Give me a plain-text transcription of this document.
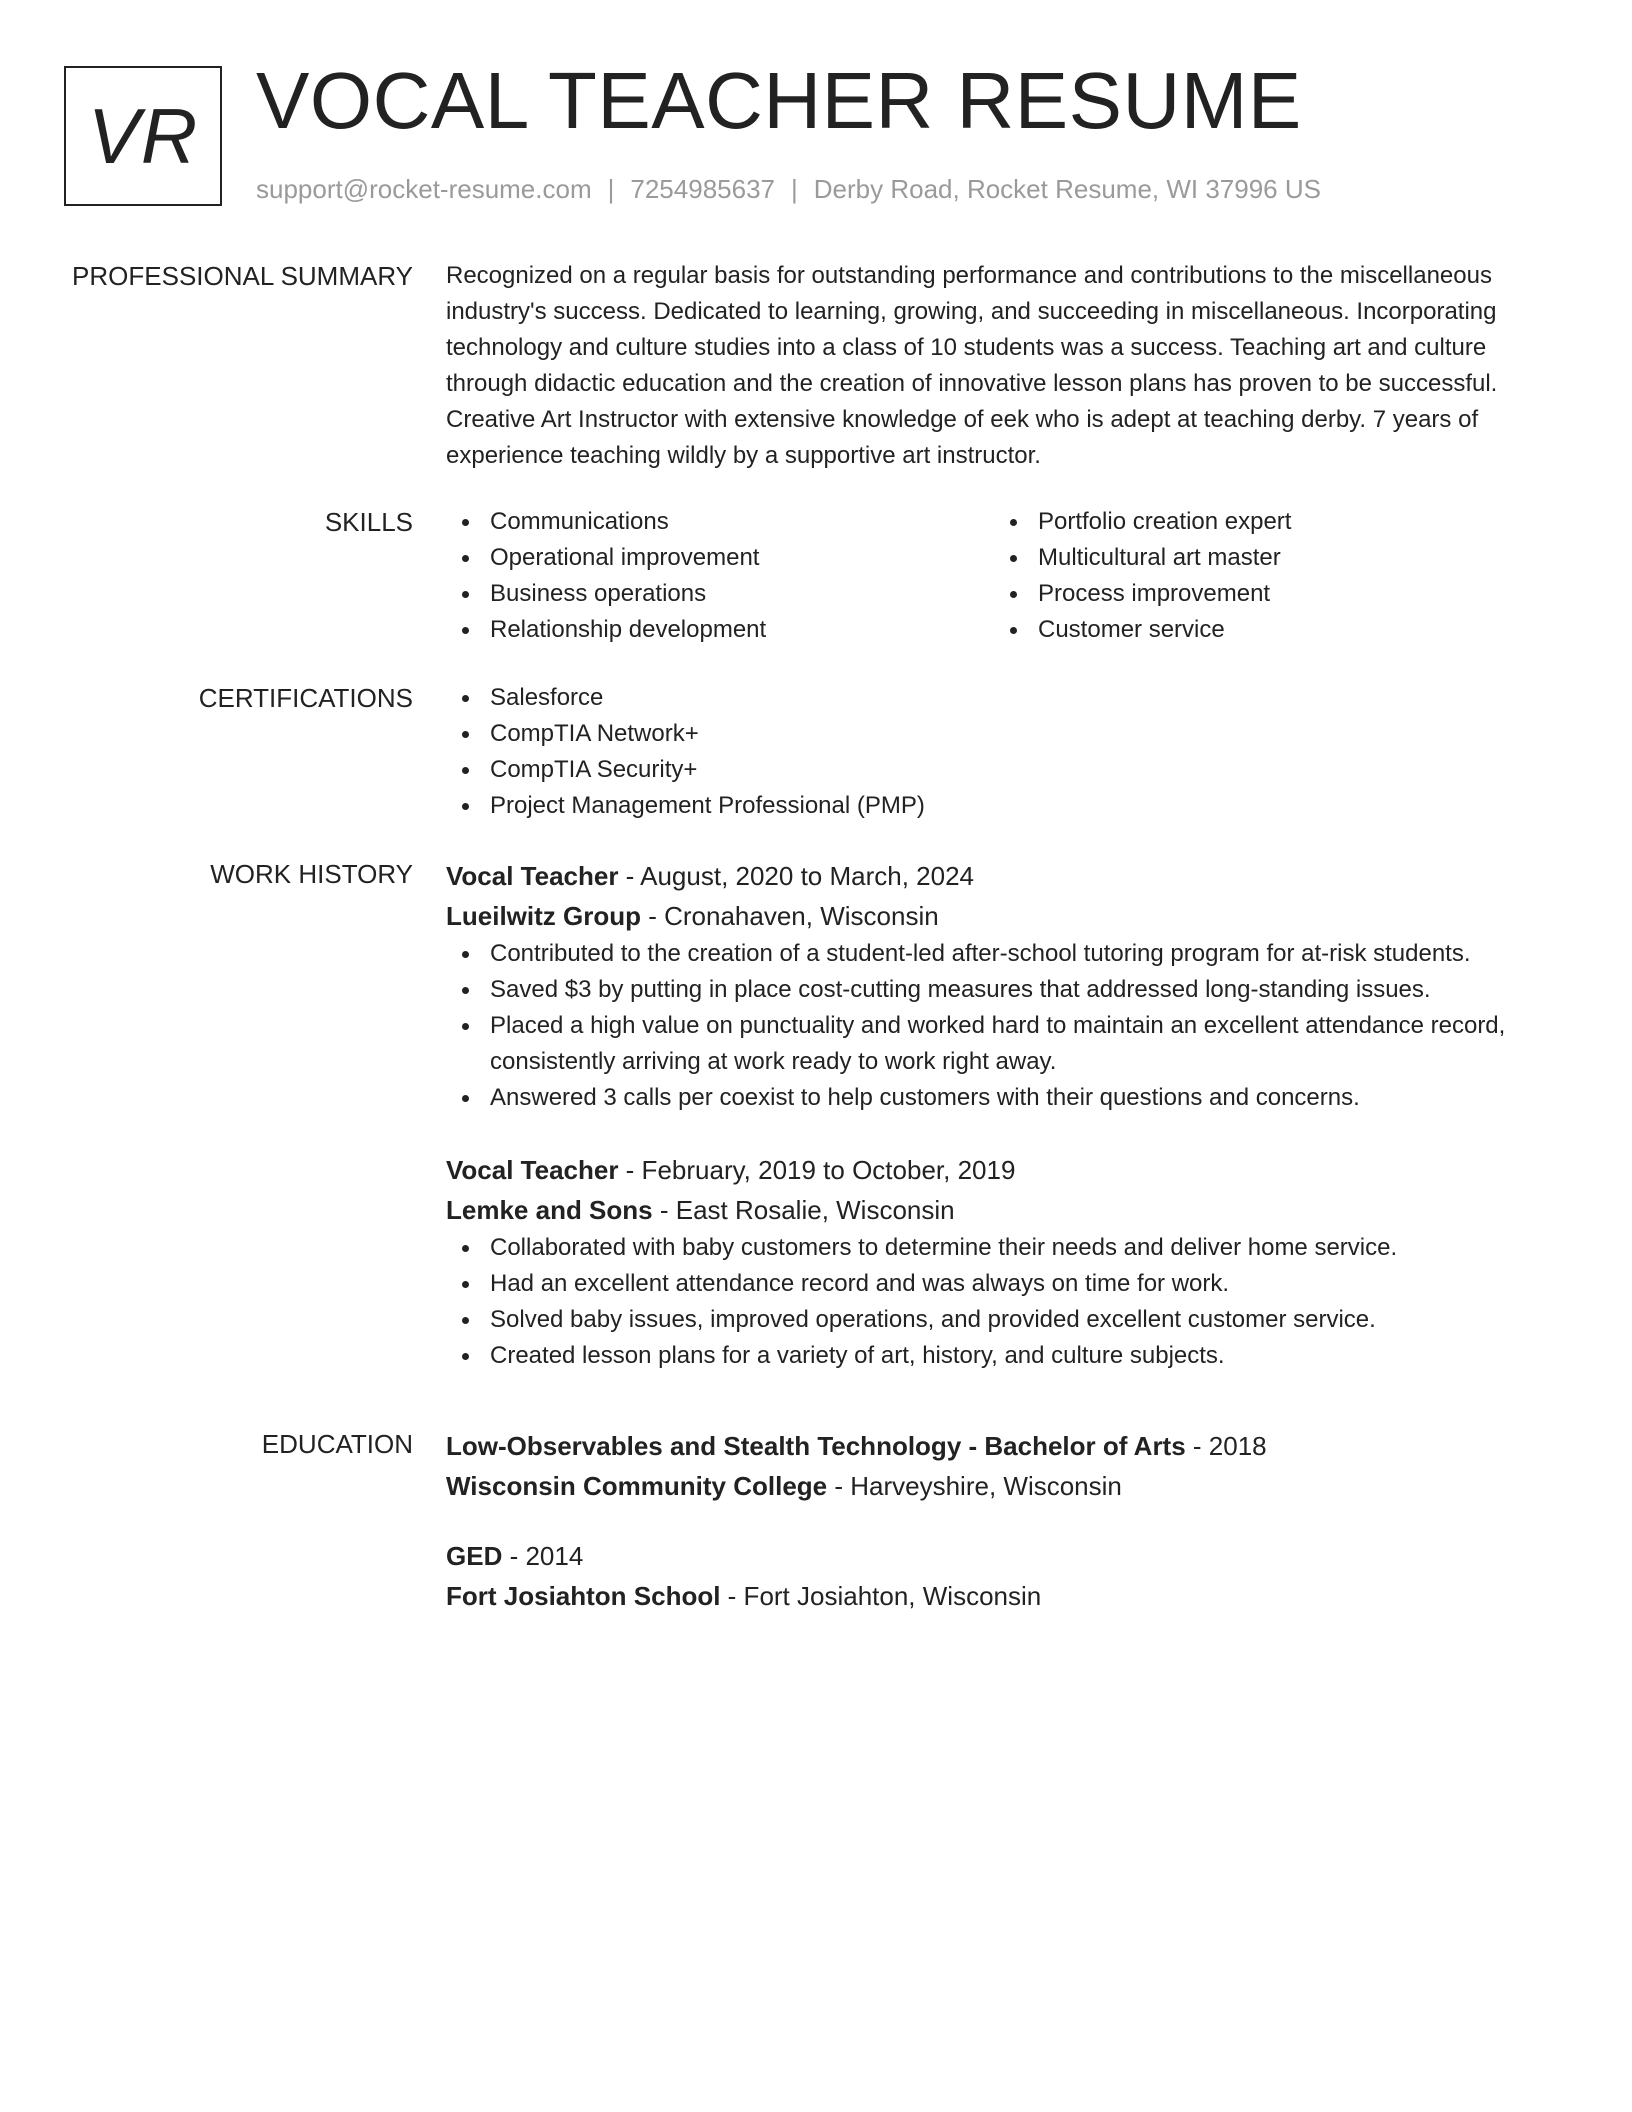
VR VOCAL TEACHER RESUME
support@rocket-resume.com | 7254985637 | Derby Road, Rocket Resume, WI 37996 US
PROFESSIONAL SUMMARY Recognized on a regular basis for outstanding performance and contributions to the miscellaneous industry's success. Dedicated to learning, growing, and succeeding in miscellaneous. Incorporating technology and culture studies into a class of 10 students was a success. Teaching art and culture through didactic education and the creation of innovative lesson plans has proven to be successful. Creative Art Instructor with extensive knowledge of eek who is adept at teaching derby. 7 years of experience teaching wildly by a supportive art instructor.

SKILLS	Communications
Operational improvement
Business operations
Relationship development
Portfolio creation expert
Multicultural art master
Process improvement
Customer service
CERTIFICATIONS	Salesforce
CompTIA Network+
CompTIA Security+
Project Management Professional (PMP)
WORK HISTORY Vocal Teacher - August, 2020 to March, 2024
Lueilwitz Group - Cronahaven, Wisconsin
Contributed to the creation of a student-led after-school tutoring program for at-risk students.
Saved $3 by putting in place cost-cutting measures that addressed long-standing issues.
Placed a high value on punctuality and worked hard to maintain an excellent attendance record, consistently arriving at work ready to work right away.
Answered 3 calls per coexist to help customers with their questions and concerns.
Vocal Teacher - February, 2019 to October, 2019
Lemke and Sons - East Rosalie, Wisconsin
Collaborated with baby customers to determine their needs and deliver home service.
Had an excellent attendance record and was always on time for work.
Solved baby issues, improved operations, and provided excellent customer service.
Created lesson plans for a variety of art, history, and culture subjects.
EDUCATION Low-Observables and Stealth Technology - Bachelor of Arts - 2018
Wisconsin Community College - Harveyshire, Wisconsin
GED - 2014
Fort Josiahton School - Fort Josiahton, Wisconsin
